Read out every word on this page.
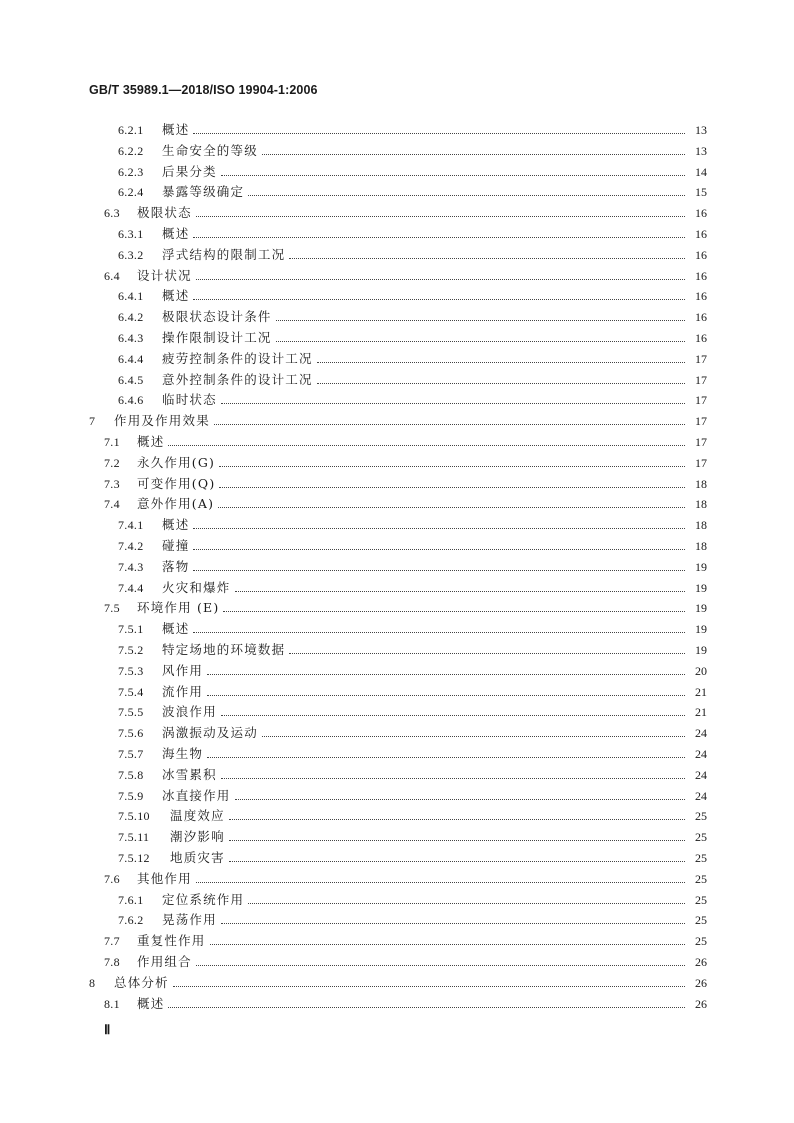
GB/T 35989.1—2018/ISO 19904-1:2006
6.2.1	概述	13
6.2.2	生命安全的等级	13
6.2.3	后果分类	14
6.2.4	暴露等级确定	15
6.3	极限状态	16
6.3.1	概述	16
6.3.2	浮式结构的限制工况	16
6.4	设计状况	16
6.4.1	概述	16
6.4.2	极限状态设计条件	16
6.4.3	操作限制设计工况	16
6.4.4	疲劳控制条件的设计工况	17
6.4.5	意外控制条件的设计工况	17
6.4.6	临时状态	17
7	作用及作用效果	17
7.1	概述	17
7.2	永久作用(G)	17
7.3	可变作用(Q)	18
7.4	意外作用(A)	18
7.4.1	概述	18
7.4.2	碰撞	18
7.4.3	落物	19
7.4.4	火灾和爆炸	19
7.5	环境作用 (E)	19
7.5.1	概述	19
7.5.2	特定场地的环境数据	19
7.5.3	风作用	20
7.5.4	流作用	21
7.5.5	波浪作用	21
7.5.6	涡激振动及运动	24
7.5.7	海生物	24
7.5.8	冰雪累积	24
7.5.9	冰直接作用	24
7.5.10	温度效应	25
7.5.11	潮汐影响	25
7.5.12	地质灾害	25
7.6	其他作用	25
7.6.1	定位系统作用	25
7.6.2	晃荡作用	25
7.7	重复性作用	25
7.8	作用组合	26
8	总体分析	26
8.1	概述	26
Ⅱ
